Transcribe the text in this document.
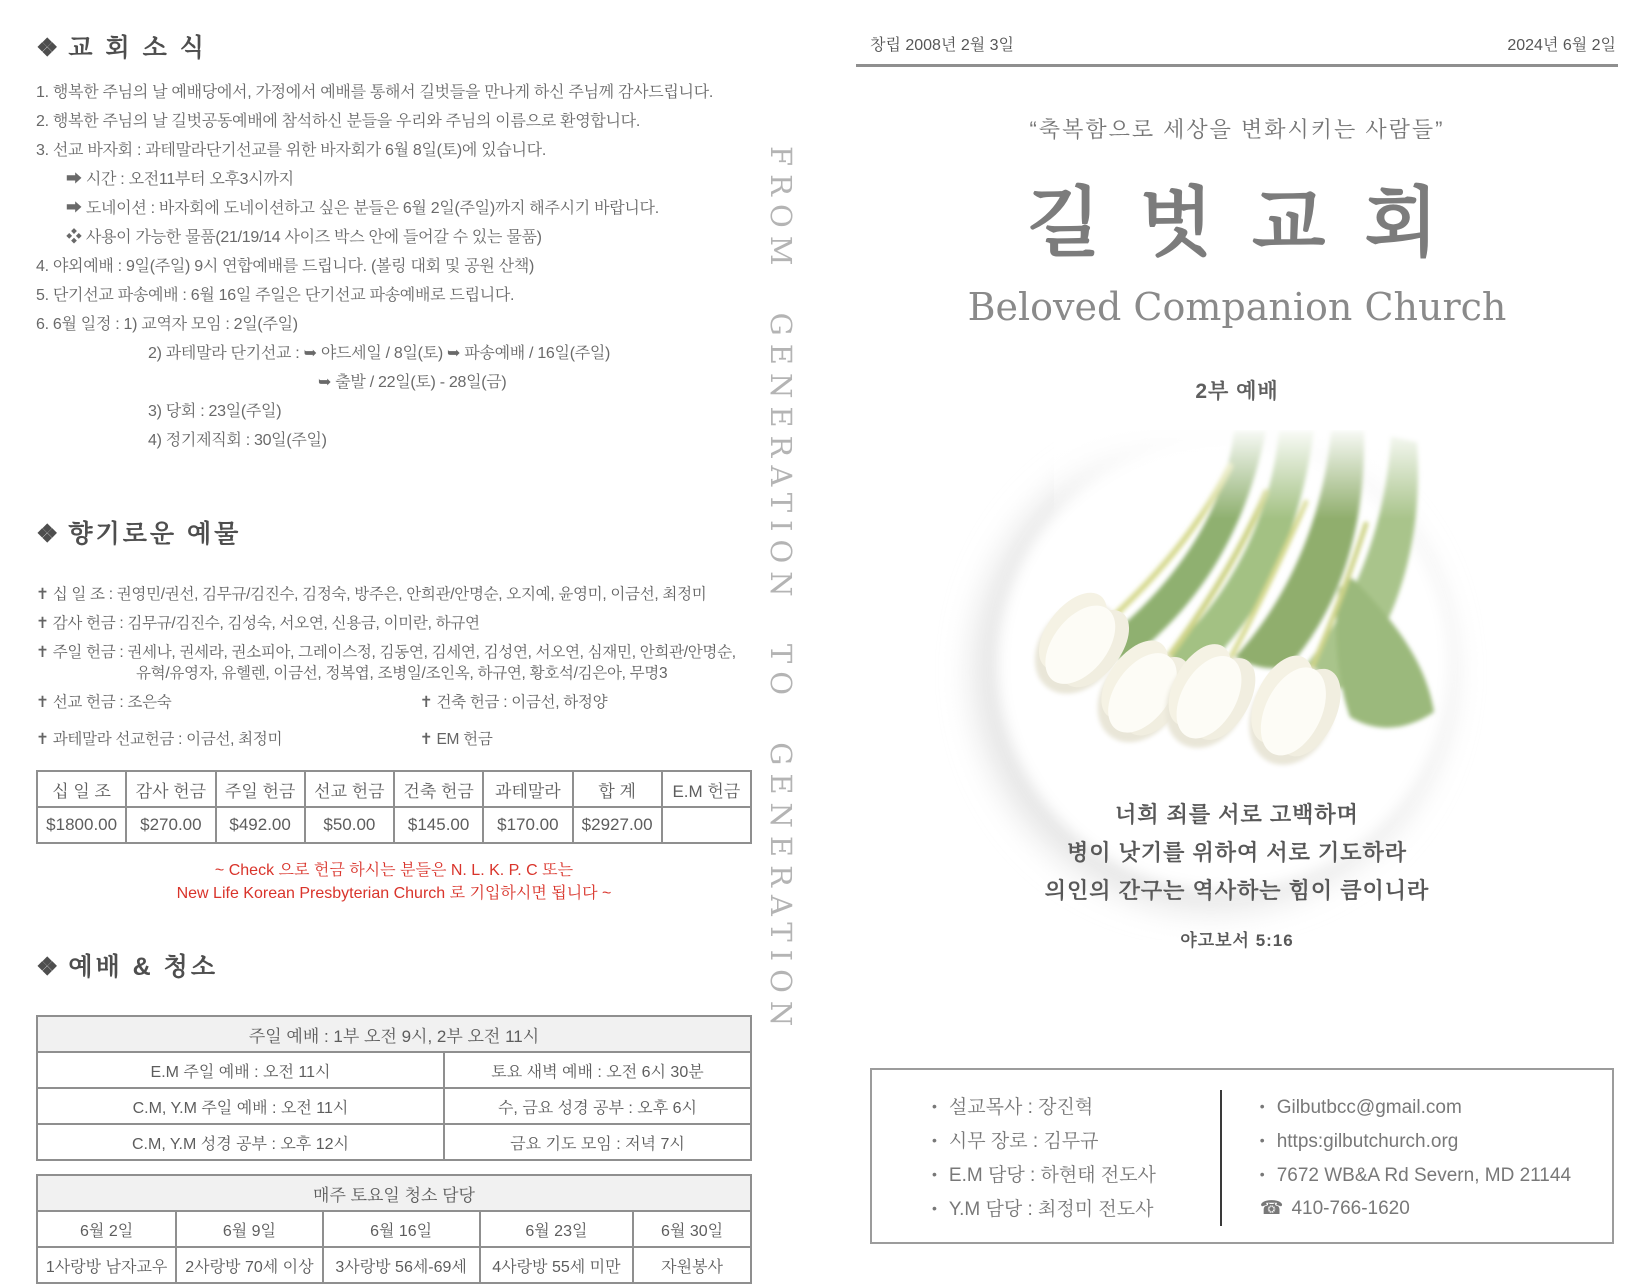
❖ 교 회 소 식
1. 행복한 주님의 날 예배당에서, 가정에서 예배를 통해서 길벗들을 만나게 하신 주님께 감사드립니다.
2. 행복한 주님의 날 길벗공동예배에 참석하신 분들을 우리와 주님의 이름으로 환영합니다.
3. 선교 바자회 : 과테말라단기선교를 위한 바자회가 6월 8일(토)에 있습니다.
➡ 시간 : 오전11부터 오후3시까지
➡ 도네이션 : 바자회에 도네이션하고 싶은 분들은 6월 2일(주일)까지 해주시기 바랍니다.
❖ 사용이 가능한 물품(21/19/14 사이즈 박스 안에 들어갈 수 있는 물품)
4. 야외예배 : 9일(주일) 9시 연합예배를 드립니다. (볼링 대회 및 공원 산책)
5. 단기선교 파송예배 : 6월 16일 주일은 단기선교 파송예배로 드립니다.
6. 6월 일정 : 1) 교역자 모임 : 2일(주일)
2) 과테말라 단기선교 : ➥ 야드세일 / 8일(토) ➥ 파송예배 / 16일(주일)
➥ 출발 / 22일(토) - 28일(금)
3) 당회 : 23일(주일)
4) 정기제직회 : 30일(주일)
❖ 향기로운 예물
✝ 십 일 조 : 권영민/권선, 김무규/김진수, 김정숙, 방주은, 안희관/안명순, 오지예, 윤영미, 이금선, 최정미
✝ 감사 헌금 : 김무규/김진수, 김성숙, 서오연, 신용금, 이미란, 하규연
✝ 주일 헌금 : 권세나, 권세라, 권소피아, 그레이스정, 김동연, 김세연, 김성연, 서오연, 심재민, 안희관/안명순, 유혁/유영자, 유헬렌, 이금선, 정복엽, 조병일/조인옥, 하규연, 황호석/김은아, 무명3
✝ 선교 헌금 : 조은숙	✝ 건축 헌금 : 이금선, 하정양
✝ 과테말라 선교헌금 : 이금선, 최정미	✝ EM 헌금
십 일 조	감사 헌금	주일 헌금	선교 헌금	건축 헌금	과테말라	합 계	E.M 헌금
$1800.00	$270.00	$492.00	$50.00	$145.00	$170.00	$2927.00	
~ Check 으로 헌금 하시는 분들은 N. L. K. P. C 또는
New Life Korean Presbyterian Church 로 기입하시면 됩니다 ~
❖ 예배 & 청소
주일 예배 : 1부 오전 9시, 2부 오전 11시	
E.M 주일 예배 : 오전 11시	토요 새벽 예배 : 오전 6시 30분
C.M, Y.M 주일 예배 : 오전 11시	수, 금요 성경 공부 : 오후 6시
C.M, Y.M 성경 공부 : 오후 12시	금요 기도 모임 : 저녁 7시
매주 토요일 청소 담당				
6월 2일	6월 9일	6월 16일	6월 23일	6월 30일
1사랑방 남자교우	2사랑방 70세 이상	3사랑방 56세-69세	4사랑방 55세 미만	자원봉사
FROM GENERATION TO GENERATION
창립 2008년 2월 3일	2024년 6월 2일
“축복함으로 세상을 변화시키는 사람들”
길 벗 교 회
Beloved Companion Church
2부 예배
너희 죄를 서로 고백하며
병이 낫기를 위하여 서로 기도하라
의인의 간구는 역사하는 힘이 큼이니라
야고보서 5:16
• 설교목사 : 장진혁
• 시무 장로 : 김무규
• E.M 담당 : 하현태 전도사
• Y.M 담당 : 최정미 전도사
• Gilbutbcc@gmail.com
• https:gilbutchurch.org
• 7672 WB&A Rd Severn, MD 21144
☎ 410-766-1620
